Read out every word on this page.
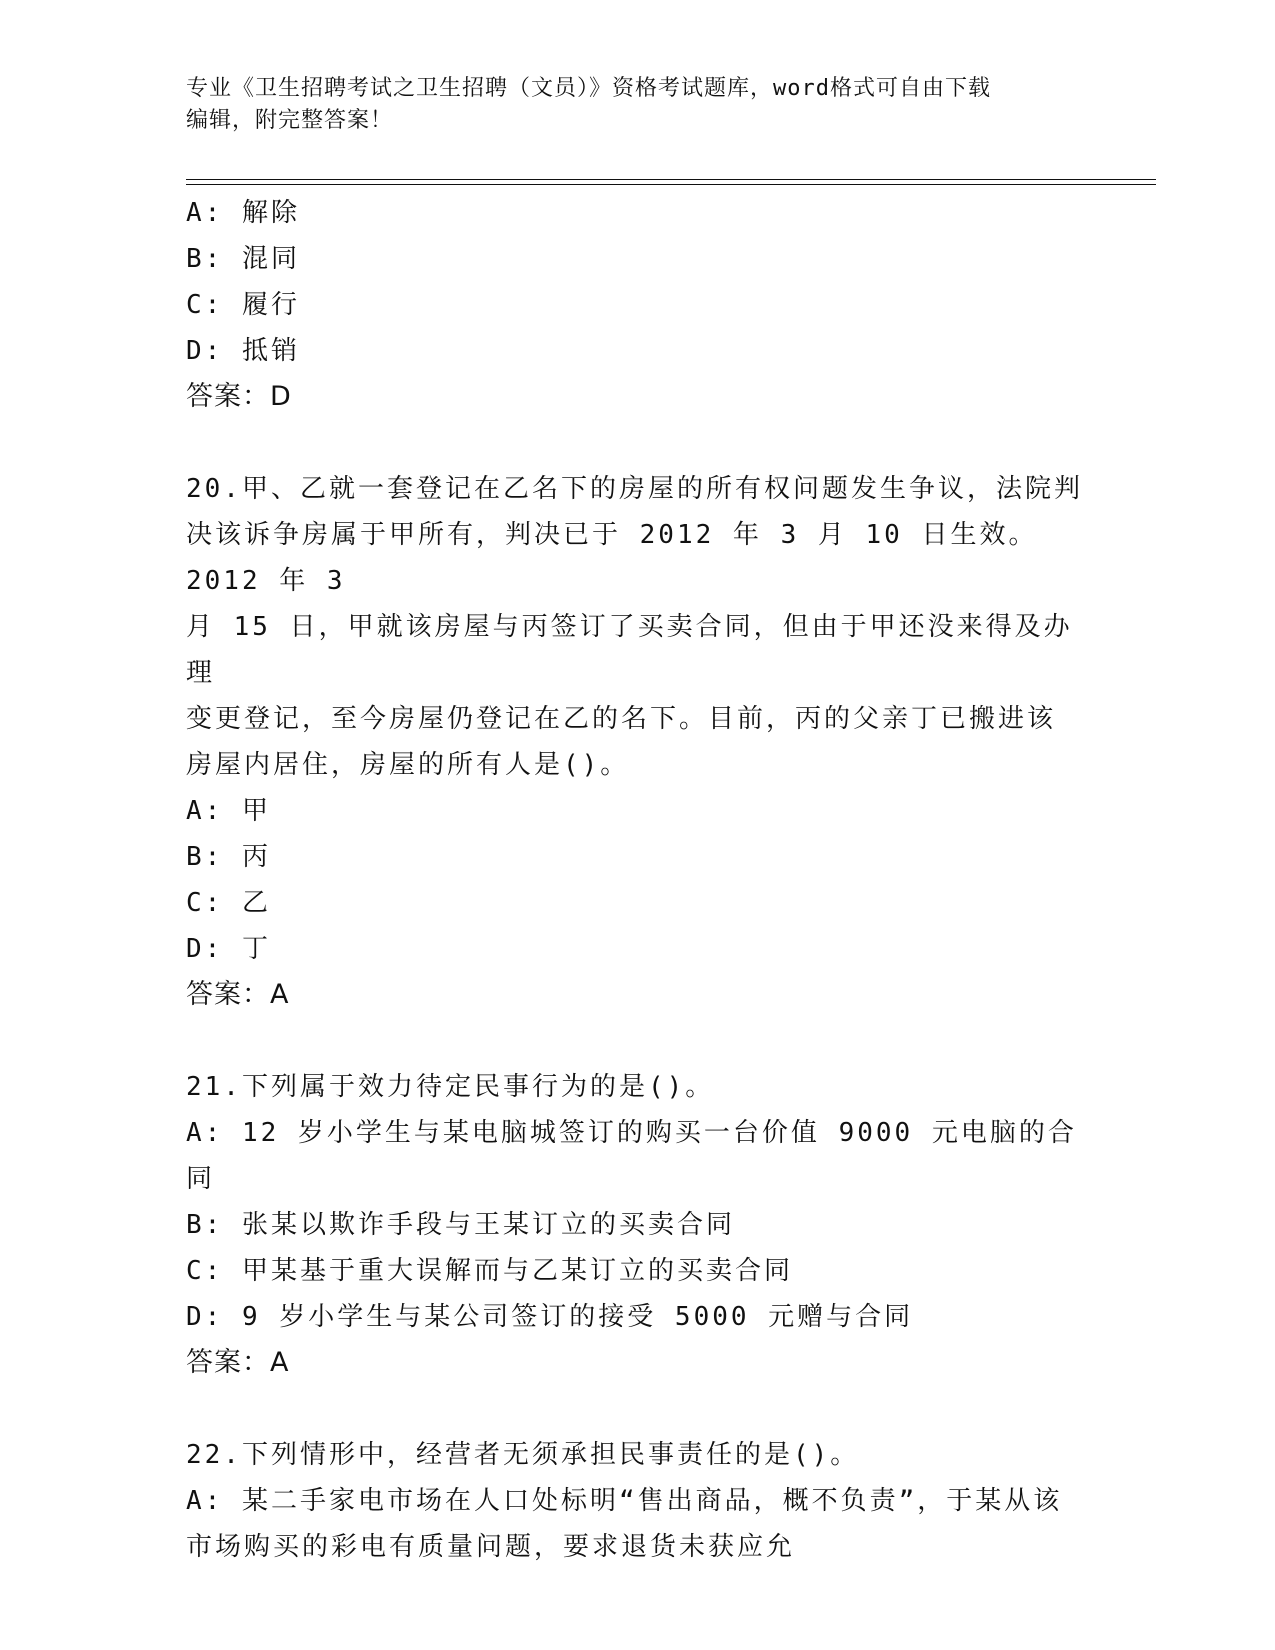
专业《卫生招聘考试之卫生招聘（文员）》资格考试题库，word格式可自由下载
编辑，附完整答案！
A: 解除
B: 混同
C: 履行
D: 抵销
答案：D
20.甲、乙就一套登记在乙名下的房屋的所有权问题发生争议，法院判
决该诉争房属于甲所有，判决已于 2012 年 3 月 10 日生效。2012 年 3
月 15 日，甲就该房屋与丙签订了买卖合同，但由于甲还没来得及办理
变更登记，至今房屋仍登记在乙的名下。目前，丙的父亲丁已搬进该
房屋内居住，房屋的所有人是()。
A: 甲
B: 丙
C: 乙
D: 丁
答案：A
21.下列属于效力待定民事行为的是()。
A: 12 岁小学生与某电脑城签订的购买一台价值 9000 元电脑的合同
B: 张某以欺诈手段与王某订立的买卖合同
C: 甲某基于重大误解而与乙某订立的买卖合同
D: 9 岁小学生与某公司签订的接受 5000 元赠与合同
答案：A
22.下列情形中，经营者无须承担民事责任的是()。
A: 某二手家电市场在人口处标明“售出商品，概不负责”，于某从该
市场购买的彩电有质量问题，要求退货未获应允
